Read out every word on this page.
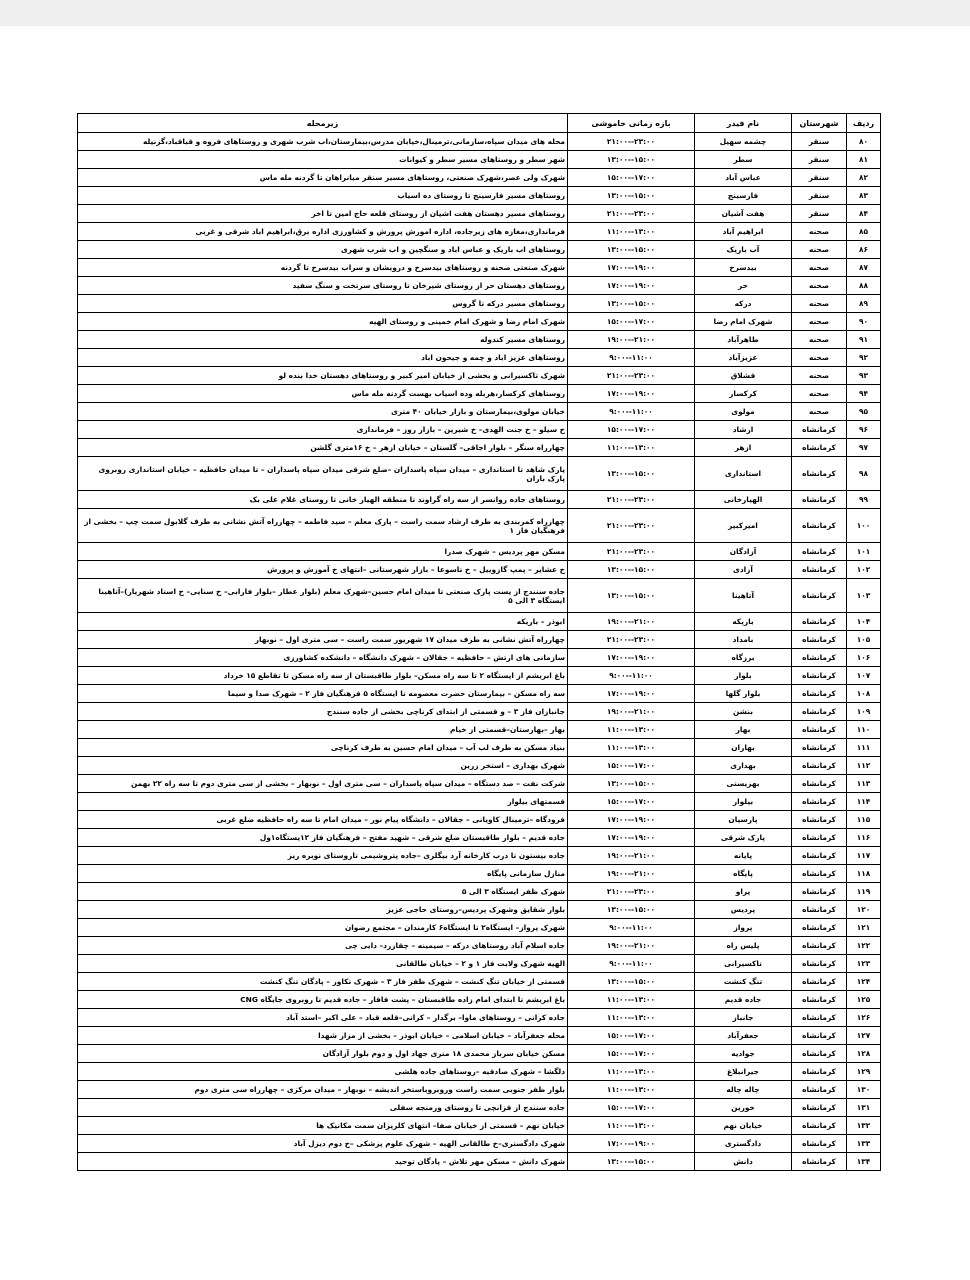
ردیف	شهرستان	نام فیدر	بازه زمانی خاموشی	زیرمحله
۸۰	سنقر	چشمه سهیل	۲۱:۰۰--۲۳:۰۰	محله های میدان سپاه،سازمانی،ترمینال،خیابان مدرس،بیمارستان،اب شرب شهری و روستاهای فروه و قباقباد،گزنیله
۸۱	سنقر	سطر	۱۳:۰۰--۱۵:۰۰	شهر سطر و روستاهای مسیر سطر و کیوانات
۸۲	سنقر	عباس آباد	۱۵:۰۰--۱۷:۰۰	شهرک ولی عصر،شهرک صنعتی، روستاهای مسیر سنقر میانراهان تا گردنه مله ماس
۸۳	سنقر	فارسینج	۱۳:۰۰--۱۵:۰۰	روستاهای مسیر فارسینج تا روستای ده اسیاب
۸۴	سنقر	هفت آشیان	۲۱:۰۰--۲۳:۰۰	روستاهای مسیر دهستان هفت اشیان از روستای قلعه حاج امین تا اخر
۸۵	صحنه	ابراهیم آباد	۱۱:۰۰--۱۳:۰۰	فرمانداری،مغازه های زیرجاده، اداره امورش پرورش و کشاورزی اداره برق،ابراهیم اباد شرقی و غربی
۸۶	صحنه	آب باریک	۱۳:۰۰--۱۵:۰۰	روستاهای اب باریک و عباس اباد و سنگچین و اب شرب شهری
۸۷	صحنه	بیدسرخ	۱۷:۰۰--۱۹:۰۰	شهرک صنعتی صحنه و روستاهای بیدسرخ و درویشان و سراب بیدسرخ تا گردنه
۸۸	صحنه	حر	۱۷:۰۰--۱۹:۰۰	روستاهای دهستان حر از روستای شیرخان تا روستای سرتخت و سنگ سفید
۸۹	صحنه	درکه	۱۳:۰۰--۱۵:۰۰	روستاهای مسیر درکه تا گروس
۹۰	صحنه	شهرک امام رضا	۱۵:۰۰--۱۷:۰۰	شهرک امام رضا و شهرک امام خمینی و روستای الهیه
۹۱	صحنه	طاهرآباد	۱۹:۰۰--۲۱:۰۰	روستاهای مسیر کندوله
۹۲	صحنه	عزیزآباد	۹:۰۰--۱۱:۰۰	روستاهای عزیز اباد و چمه و جیحون اباد
۹۳	صحنه	قشلاق	۲۱:۰۰--۲۳:۰۰	شهرک تاکسیرانی و بخشی از خیابان امیر کبیر و روستاهای دهستان خدا بنده لو
۹۴	صحنه	کرکسار	۱۷:۰۰--۱۹:۰۰	روستاهای کرکسار،هربله وده اسیاب بهست گردنه مله ماس
۹۵	صحنه	مولوی	۹:۰۰--۱۱:۰۰	خیابان مولوی،بیمارستان و بازار خیابان ۴۰ متری
۹۶	کرمانشاه	ارشاد	۱۵:۰۰--۱۷:۰۰	خ سیلو – خ جنت الهدی– خ شیرین – بازار روز – فرمانداری
۹۷	کرمانشاه	ازهر	۱۱:۰۰--۱۳:۰۰	چهارراه سنگر – بلوار اجاقی– گلستان – خیابان ازهر – خ ۱۶متری گلشن
۹۸	کرمانشاه	استانداری	۱۳:۰۰--۱۵:۰۰	پارک شاهد تا استانداری – میدان سپاه پاسداران –ضلع شرقی میدان سپاه پاسداران – تا میدان حافظیه – خیابان استانداری روبروی پارک باران
۹۹	کرمانشاه	الهیارخانی	۲۱:۰۰--۲۳:۰۰	روستاهای جاده روانسر از سه راه گراوند تا منطقه الهیار خانی تا روستای غلام علی بک
۱۰۰	کرمانشاه	امیرکبیر	۲۱:۰۰--۲۳:۰۰	چهارراه کمربندی به طرف ارشاد سمت راست – پارک معلم – سید فاطمه – چهارراه آتش نشانی به طرف گلابول سمت چپ – بخشی از فرهنگیان فاز ۱
۱۰۱	کرمانشاه	آزادگان	۲۱:۰۰--۲۳:۰۰	مسکن مهر پردیس – شهرک صدرا
۱۰۲	کرمانشاه	آزادی	۱۳:۰۰--۱۵:۰۰	خ عشایر – پمپ گازوییل – خ تاسوعا – بازار شهرستانی –انتهای خ آموزش و پرورش
۱۰۳	کرمانشاه	آتاهینا	۱۳:۰۰--۱۵:۰۰	جاده سنندج از پست پارک صنعتی تا میدان امام حسین–شهرک معلم (بلوار عطار –بلوار فارابی– خ سنایی– خ استاد شهریار)–آتاهینا ایستگاه ۳ الی ۵
۱۰۴	کرمانشاه	باریکه	۱۹:۰۰--۲۱:۰۰	ابوذر – باریکه
۱۰۵	کرمانشاه	بامداد	۲۱:۰۰--۲۳:۰۰	چهارراه آتش نشانی به طرف میدان ۱۷ شهریور سمت راست – سی متری اول – نوبهار
۱۰۶	کرمانشاه	برزگاه	۱۷:۰۰--۱۹:۰۰	سازمانی های ارتش – حافظیه – جقالان – شهرک دانشگاه – دانشکده کشاورزی
۱۰۷	کرمانشاه	بلوار	۹:۰۰--۱۱:۰۰	باغ ابریشم از ایستگاه ۲ تا سه راه مسکن– بلوار طاقبستان از سه راه مسکن تا تقاطع ۱۵ خرداد
۱۰۸	کرمانشاه	بلوار گلها	۱۷:۰۰--۱۹:۰۰	سه راه مسکن – بیمارستان حضرت معصومه تا ایستگاه ۵ فرهنگیان فاز ۲ – شهرک صدا و سیما
۱۰۹	کرمانشاه	بنشن	۱۹:۰۰--۲۱:۰۰	جانبازان فاز ۳ – و قسمتی از ابتدای کرناچی بخشی از جاده سنندج
۱۱۰	کرمانشاه	بهار	۱۱:۰۰--۱۳:۰۰	بهار –بهارستان–قسمتی از خیام
۱۱۱	کرمانشاه	بهاران	۱۱:۰۰--۱۳:۰۰	بنیاد مسکن به طرف لب آب – میدان امام حسین به طرف کرناچی
۱۱۲	کرمانشاه	بهداری	۱۵:۰۰--۱۷:۰۰	شهرک بهداری – استخر زرین
۱۱۳	کرمانشاه	بهزیستی	۱۳:۰۰--۱۵:۰۰	شرکت نفت – صد دستگاه – میدان سپاه پاسداران – سی متری اول – نوبهار – بخشی از سی متری دوم تا سه راه ۲۲ بهمن
۱۱۴	کرمانشاه	بیلوار	۱۵:۰۰--۱۷:۰۰	قسمتهای بیلوار
۱۱۵	کرمانشاه	پارسیان	۱۷:۰۰--۱۹:۰۰	فرودگاه –ترمینال کاویانی – جقالان – دانشگاه پیام نور – میدان امام تا سه راه حافظیه ضلع غربی
۱۱۶	کرمانشاه	پارک شرقی	۱۷:۰۰--۱۹:۰۰	جاده قدیم – بلوار طاقبستان ضلع شرقی – شهید مفتح – فرهنگیان فاز ۱۲یستگاه۱ول
۱۱۷	کرمانشاه	پایانه	۱۹:۰۰--۲۱:۰۰	جاده بیستون تا درب کارخانه آرد بیگلری –جاده پتروشیمی تاروستای نوبره ریز
۱۱۸	کرمانشاه	پایگاه	۱۹:۰۰--۲۱:۰۰	منازل سازمانی پایگاه
۱۱۹	کرمانشاه	پراو	۲۱:۰۰--۲۳:۰۰	شهرک ظفر ایستگاه ۳ الی ۵
۱۲۰	کرمانشاه	پردیس	۱۳:۰۰--۱۵:۰۰	بلوار شقایق وشهرک پردیس–روستای حاجی عزیز
۱۲۱	کرمانشاه	پرواز	۹:۰۰--۱۱:۰۰	شهرک پرواز– ایستگاه۲ تا ایستگاه۶ کارمندان – مجتمع رضوان
۱۲۲	کرمانشاه	پلیس راه	۱۹:۰۰--۲۱:۰۰	جاده اسلام آباد روستاهای درکه – سیمینه – چقازرد– دایی چی
۱۲۳	کرمانشاه	تاکسیرانی	۹:۰۰--۱۱:۰۰	الهیه شهرک ولایت فاز ۱ و ۲ – خیابان طالقانی
۱۲۴	کرمانشاه	تنگ کنشت	۱۳:۰۰--۱۵:۰۰	قسمتی از خیابان تنگ کنشت – شهرک ظفر فاز ۳ – شهرک تکاور – پادگان تنگ کنشت
۱۲۵	کرمانشاه	جاده قدیم	۱۱:۰۰--۱۳:۰۰	باغ ابریشم تا ابتدای امام زاده طاقبستان – پشت قاقار – جاده قدیم تا روبروی جایگاه CNG
۱۲۶	کرمانشاه	جانباز	۱۱:۰۰--۱۳:۰۰	جاده کرانی – روستاهای ماوا– برگدار – کرانی–قلعه قباد – علی اکبر –استد آباد
۱۲۷	کرمانشاه	جعفرآباد	۱۵:۰۰--۱۷:۰۰	محله جعفرآباد – خیابان اسلامی – خیابان ابوذر – بخشی از مزار شهدا
۱۲۸	کرمانشاه	جوادیه	۱۵:۰۰--۱۷:۰۰	مسکن خیابان سرباز محمدی ۱۸ متری جهاد اول و دوم بلوار آزادگان
۱۲۹	کرمانشاه	جیرانبلاغ	۱۱:۰۰--۱۳:۰۰	دلگشا – شهرک صادقیه –روستاهای جاده هلشی
۱۳۰	کرمانشاه	چاله چاله	۱۱:۰۰--۱۳:۰۰	بلوار ظفر جنوبی سمت راست وروبروباستخر اندیشه – نوبهار – میدان مرکزی – چهارراه سی متری دوم
۱۳۱	کرمانشاه	خورین	۱۵:۰۰--۱۷:۰۰	جاده سنندج از قزانچی تا روستای ورمنجه سفلی
۱۳۲	کرمانشاه	خیابان نهم	۱۱:۰۰--۱۳:۰۰	خیابان نهم – قسمتی از خیابان صفا– انتهای کلریزان سمت مکانیک ها
۱۳۳	کرمانشاه	دادگستری	۱۷:۰۰--۱۹:۰۰	شهرک دادگستری–خ طالقانی الهیه – شهرک علوم پزشکی –خ دوم دیزل آباد
۱۳۴	کرمانشاه	دانش	۱۳:۰۰--۱۵:۰۰	شهرک دانش – مسکن مهر تلاش – پادگان توحید
